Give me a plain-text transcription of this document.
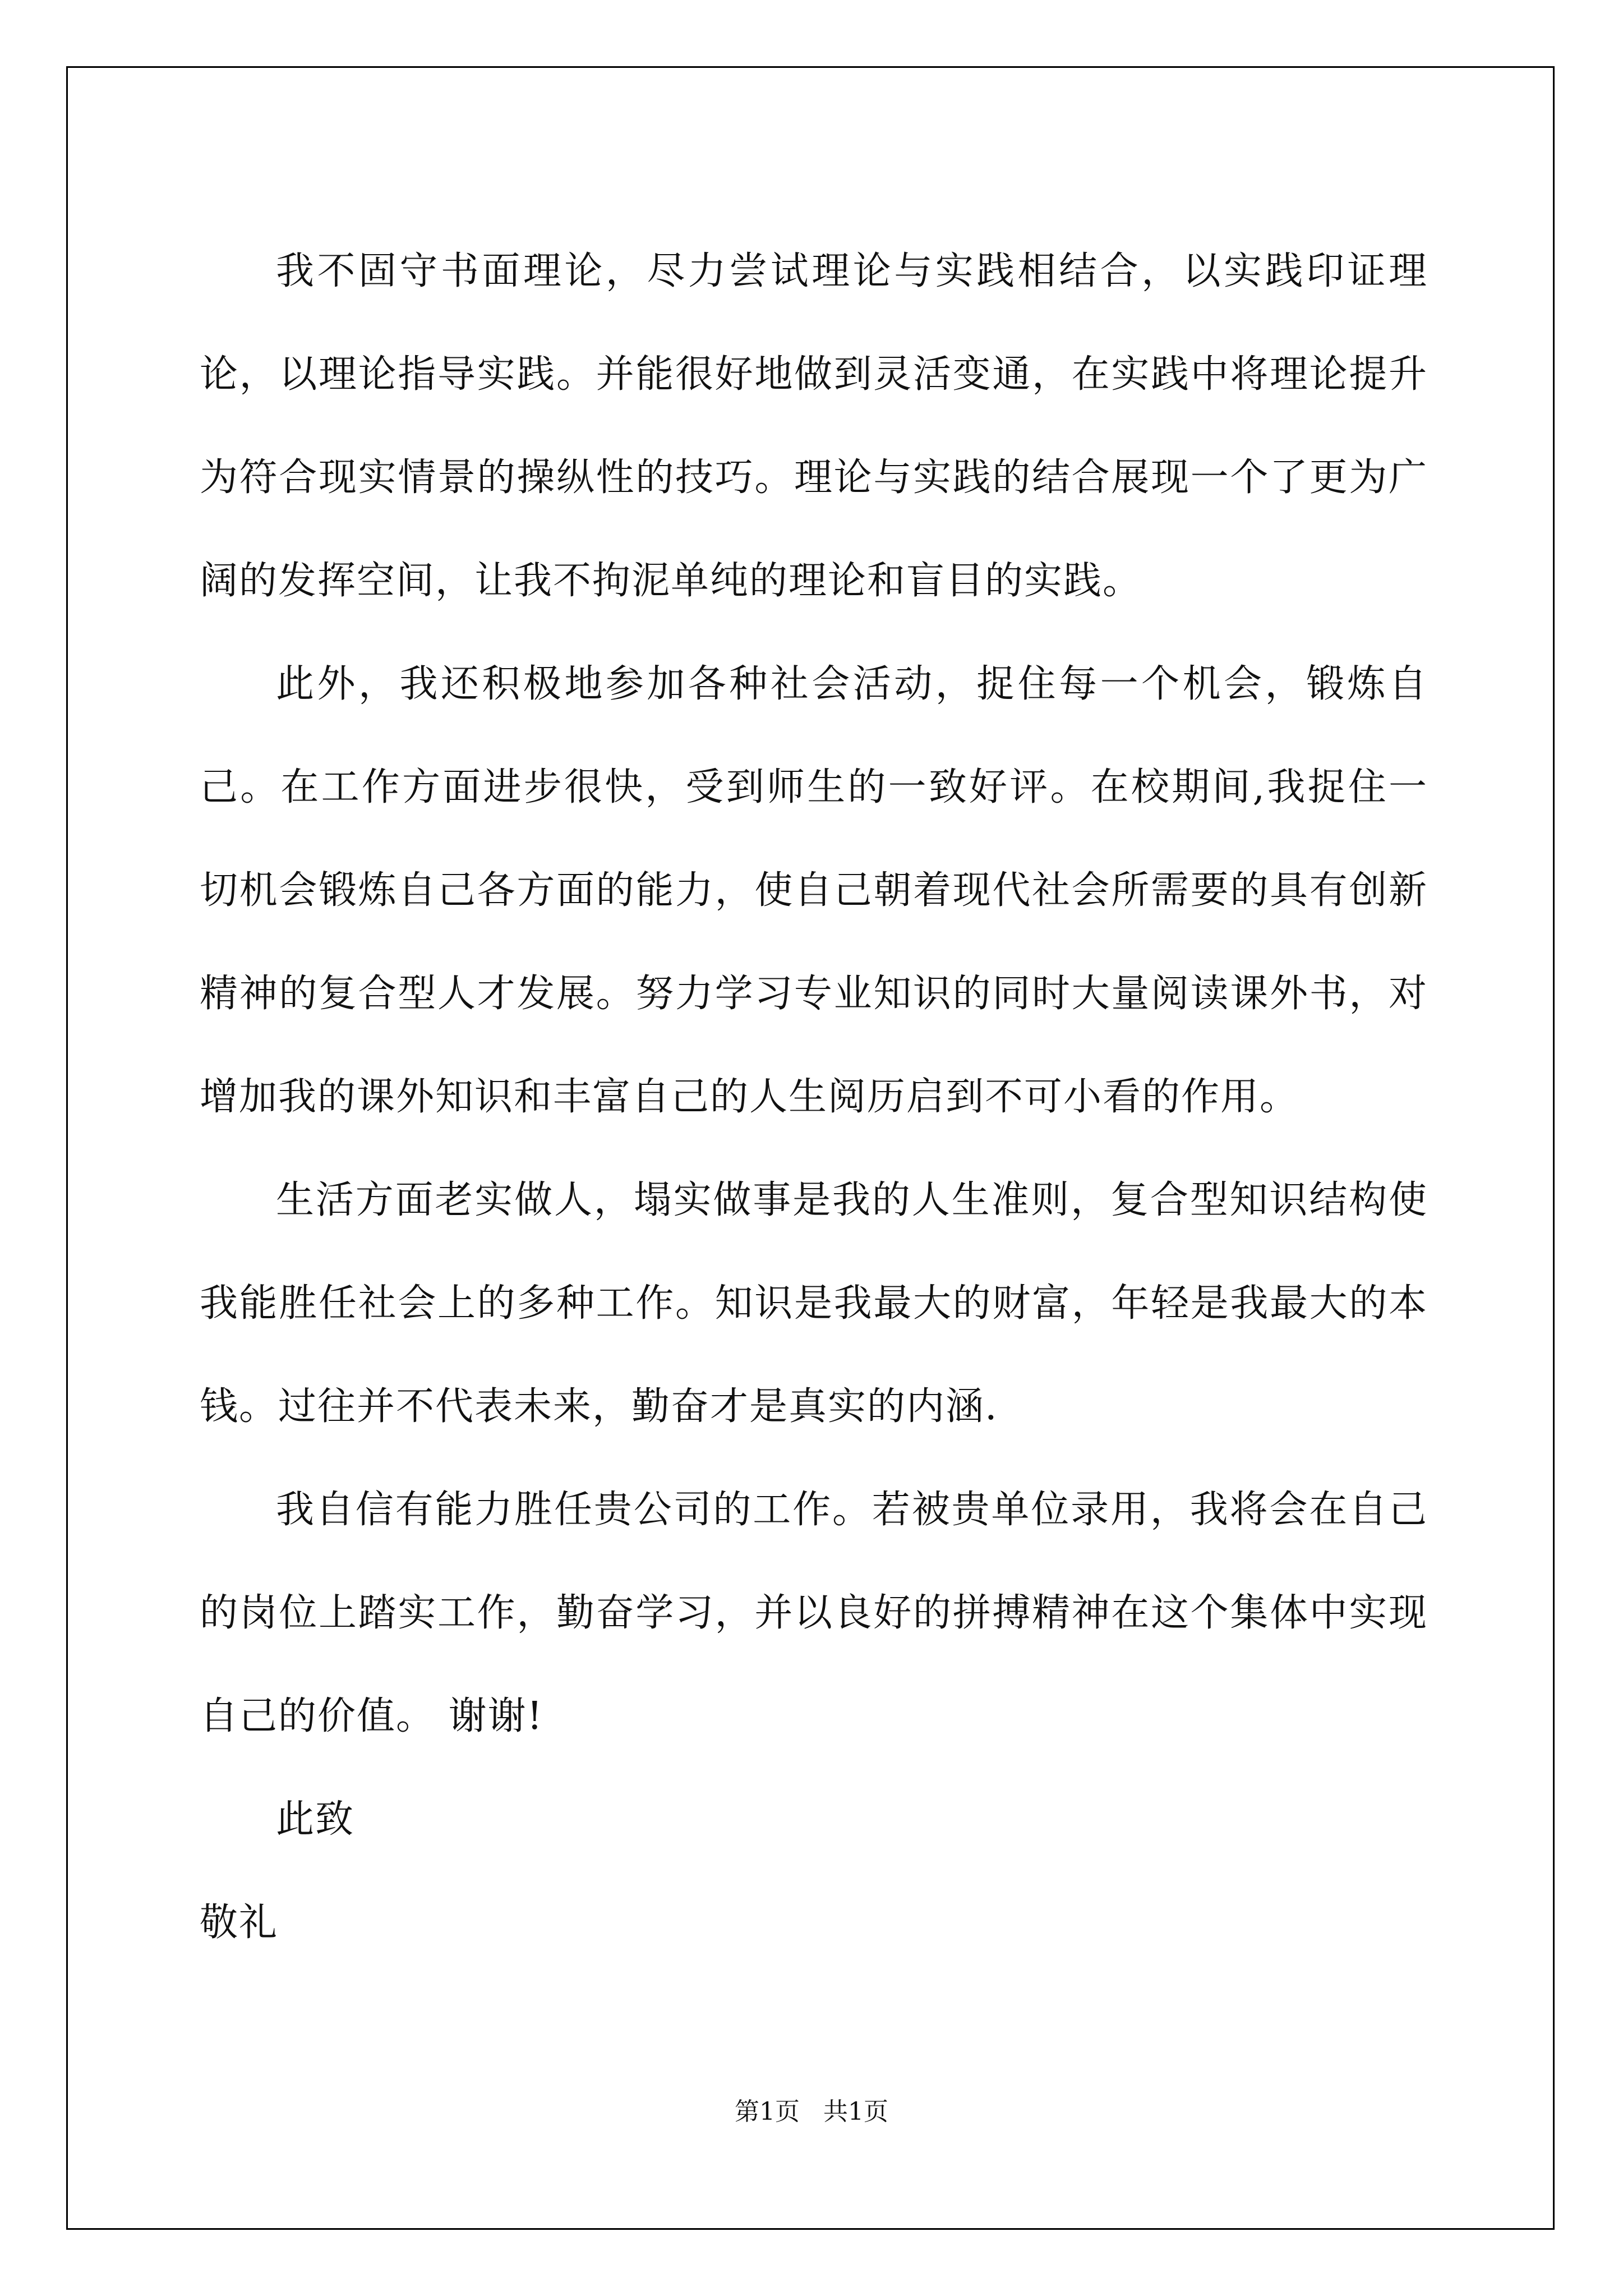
我不固守书面理论，尽力尝试理论与实践相结合，以实践印证理论，以理论指导实践。并能很好地做到灵活变通，在实践中将理论提升为符合现实情景的操纵性的技巧。理论与实践的结合展现一个了更为广阔的发挥空间，让我不拘泥单纯的理论和盲目的实践。

此外，我还积极地参加各种社会活动，捉住每一个机会，锻炼自己。在工作方面进步很快，受到师生的一致好评。在校期间,我捉住一切机会锻炼自己各方面的能力，使自己朝着现代社会所需要的具有创新精神的复合型人才发展。努力学习专业知识的同时大量阅读课外书，对增加我的课外知识和丰富自己的人生阅历启到不可小看的作用。

生活方面老实做人，塌实做事是我的人生准则，复合型知识结构使我能胜任社会上的多种工作。知识是我最大的财富，年轻是我最大的本钱。过往并不代表未来，勤奋才是真实的内涵.

我自信有能力胜任贵公司的工作。若被贵单位录用，我将会在自己的岗位上踏实工作，勤奋学习，并以良好的拼搏精神在这个集体中实现自己的价值。 谢谢!

此致

敬礼

第1页   共1页
